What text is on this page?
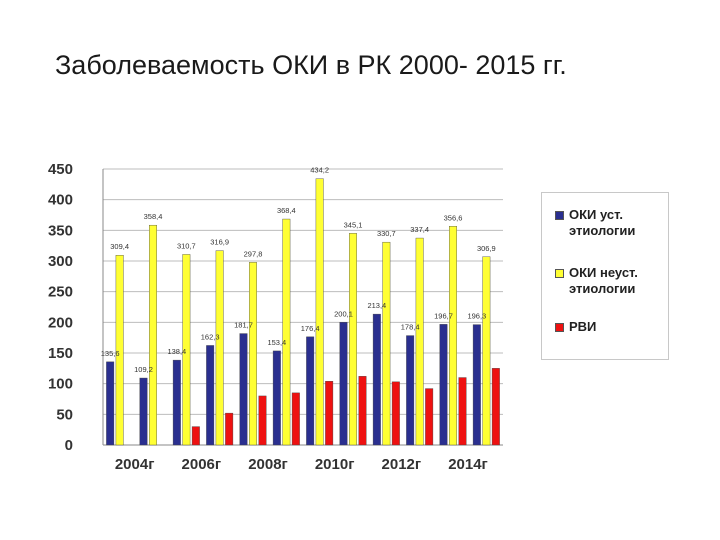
Заболеваемость ОКИ в РК 2000- 2015 гг.
135,6
109,2
138,4
162,3
181,7
153,4
176,4
200,1
213,4
178,4
196,7 196,3
309,4
358,4
310,7 316,9
297,8
368,4
434,2
345,1
330,7 337,4
356,6
306,9
0
50
100
150
200
250
300
350
400
450
2004г 2006г 2008г 2010г 2012г 2014г
ОКИ уст. этиологии
ОКИ неуст. этиологии
РВИ
